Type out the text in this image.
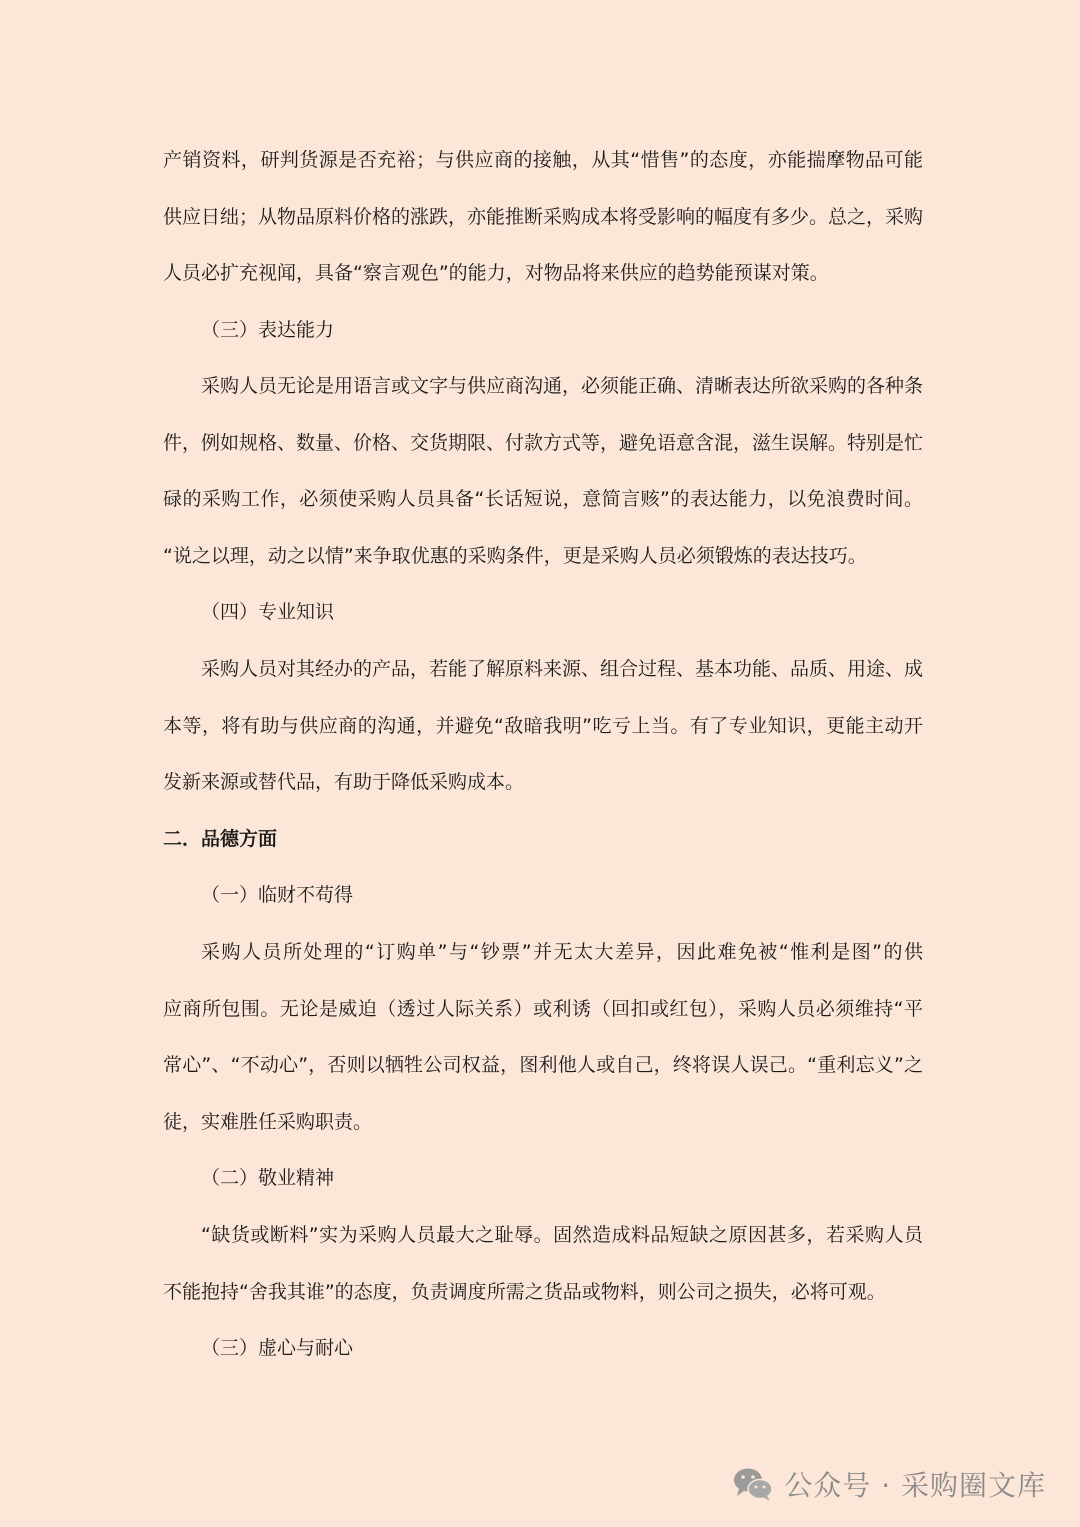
产销资料，研判货源是否充裕；与供应商的接触，从其“惜售”的态度，亦能揣摩物品可能
供应日绌；从物品原料价格的涨跌，亦能推断采购成本将受影响的幅度有多少。总之，采购
人员必扩充视闻，具备“察言观色”的能力，对物品将来供应的趋势能预谋对策。
（三）表达能力
采购人员无论是用语言或文字与供应商沟通，必须能正确、清晰表达所欲采购的各种条
件，例如规格、数量、价格、交货期限、付款方式等，避免语意含混，滋生误解。特别是忙
碌的采购工作，必须使采购人员具备“长话短说，意简言赅”的表达能力，以免浪费时间。
“说之以理，动之以情”来争取优惠的采购条件，更是采购人员必须锻炼的表达技巧。
（四）专业知识
采购人员对其经办的产品，若能了解原料来源、组合过程、基本功能、品质、用途、成
本等，将有助与供应商的沟通，并避免“敌暗我明”吃亏上当。有了专业知识，更能主动开
发新来源或替代品，有助于降低采购成本。
二．品德方面
（一）临财不苟得
采购人员所处理的“订购单”与“钞票”并无太大差异，因此难免被“惟利是图”的供
应商所包围。无论是威迫（透过人际关系）或利诱（回扣或红包），采购人员必须维持“平
常心”、“不动心”，否则以牺牲公司权益，图利他人或自己，终将误人误己。“重利忘义”之
徒，实难胜任采购职责。
（二）敬业精神
“缺货或断料”实为采购人员最大之耻辱。固然造成料品短缺之原因甚多，若采购人员
不能抱持“舍我其谁”的态度，负责调度所需之货品或物料，则公司之损失，必将可观。
（三）虚心与耐心
公众号 · 采购圈文库
